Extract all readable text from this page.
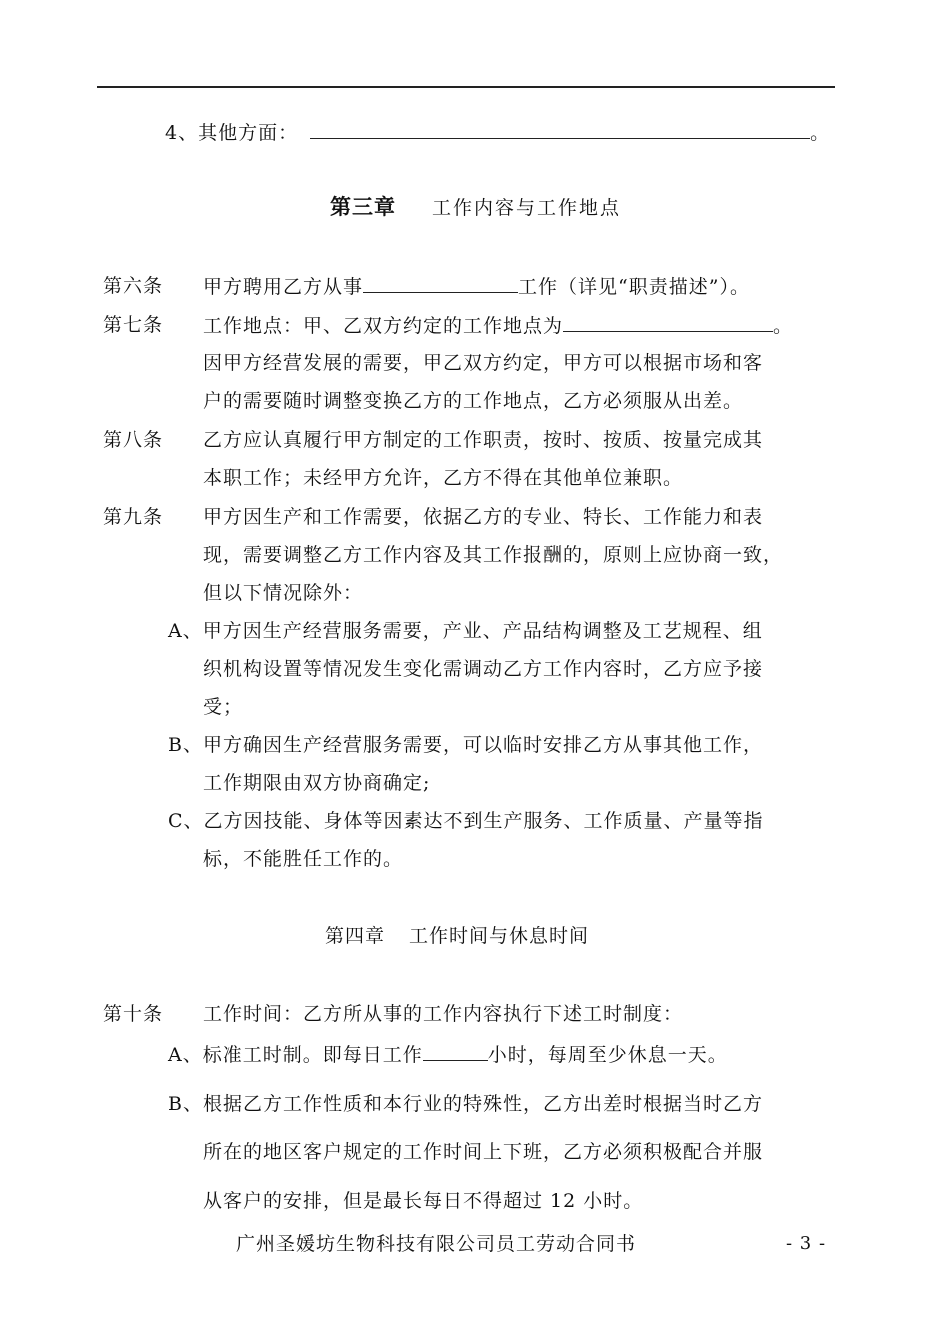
4、其他方面：	。
第三章 工作内容与工作地点
第六条 甲方聘用乙方从事	工作（详见“职责描述”）。
第七条 工作地点：甲、乙双方约定的工作地点为	。
因甲方经营发展的需要，甲乙双方约定，甲方可以根据市场和客
户的需要随时调整变换乙方的工作地点，乙方必须服从出差。
第八条 乙方应认真履行甲方制定的工作职责，按时、按质、按量完成其
本职工作；未经甲方允许，乙方不得在其他单位兼职。
第九条 甲方因生产和工作需要，依据乙方的专业、特长、工作能力和表
现，需要调整乙方工作内容及其工作报酬的，原则上应协商一致，
但以下情况除外：
A、甲方因生产经营服务需要，产业、产品结构调整及工艺规程、组
织机构设置等情况发生变化需调动乙方工作内容时，乙方应予接
受；
B、甲方确因生产经营服务需要，可以临时安排乙方从事其他工作，
工作期限由双方协商确定;
C、乙方因技能、身体等因素达不到生产服务、工作质量、产量等指
标，不能胜任工作的。
第四章 工作时间与休息时间
第十条 工作时间：乙方所从事的工作内容执行下述工时制度：
A、标准工时制。即每日工作	小时，每周至少休息一天。
B、根据乙方工作性质和本行业的特殊性，乙方出差时根据当时乙方
所在的地区客户规定的工作时间上下班，乙方必须积极配合并服
从客户的安排，但是最长每日不得超过 12 小时。
广州圣媛坊生物科技有限公司员工劳动合同书	- 3 -
